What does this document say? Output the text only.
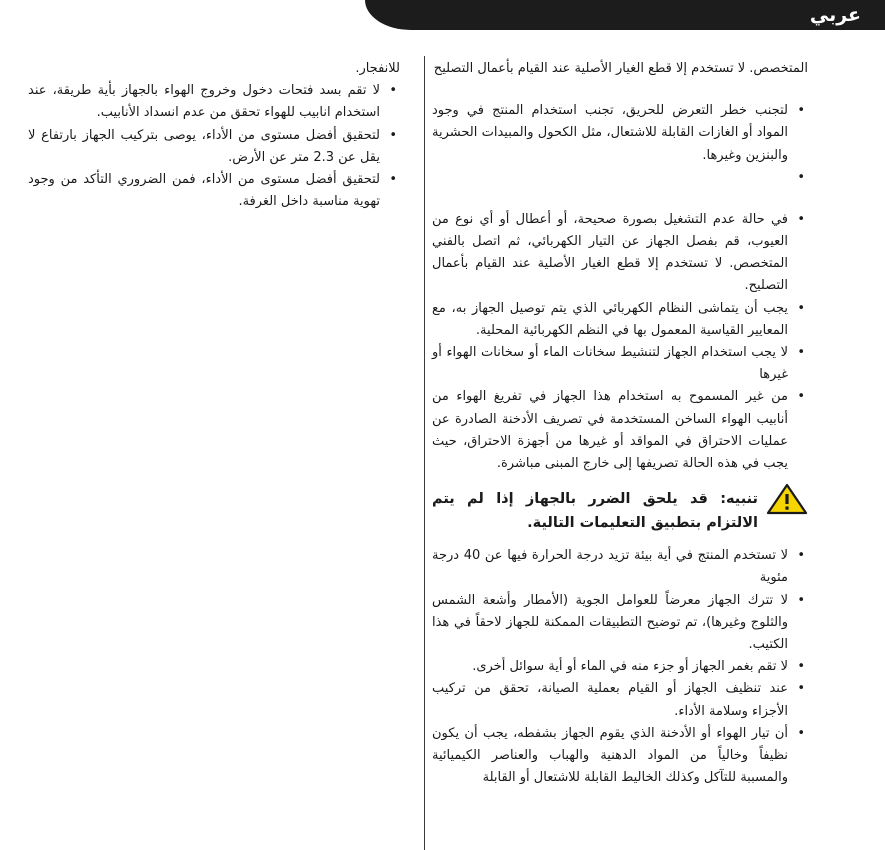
عربي

المتخصص. لا تستخدم إلا قطع الغيار الأصلية عند القيام بأعمال التصليح

• لتجنب خطر التعرض للحريق، تجنب استخدام المنتج في وجود المواد أو الغازات القابلة للاشتعال، مثل الكحول والمبيدات الحشرية والبنزين وغيرها.
•
• في حالة عدم التشغيل بصورة صحيحة، أو أعطال أو أي نوع من العيوب، قم بفصل الجهاز عن التيار الكهربائي، ثم اتصل بالفني المتخصص. لا تستخدم إلا قطع الغيار الأصلية عند القيام بأعمال التصليح.
• يجب أن يتماشى النظام الكهربائي الذي يتم توصيل الجهاز به، مع المعايير القياسية المعمول بها في النظم الكهربائية المحلية.
• لا يجب استخدام الجهاز لتنشيط سخانات الماء أو سخانات الهواء أو غيرها
• من غير المسموح به استخدام هذا الجهاز في تفريغ الهواء من أنابيب الهواء الساخن المستخدمة في تصريف الأدخنة الصادرة عن عمليات الاحتراق في المواقد أو غيرها من أجهزة الاحتراق، حيث يجب في هذه الحالة تصريفها إلى خارج المبنى مباشرة.
تنبيه: قد يلحق الضرر بالجهاز إذا لم يتم الالتزام بتطبيق التعليمات التالية.
• لا تستخدم المنتج في أية بيئة تزيد درجة الحرارة فيها عن 40 درجة مئوية
• لا تترك الجهاز معرضاً للعوامل الجوية (الأمطار وأشعة الشمس والثلوج وغيرها)، تم توضيح التطبيقات الممكنة للجهاز لاحقاً في هذا الكتيب.
• لا تقم بغمر الجهاز أو جزء منه في الماء أو أية سوائل أخرى.
• عند تنظيف الجهاز أو القيام بعملية الصيانة، تحقق من تركيب الأجزاء وسلامة الأداء.
• أن تيار الهواء أو الأدخنة الذي يقوم الجهاز بشفطه، يجب أن يكون نظيفاً وخالياً من المواد الدهنية والهباب والعناصر الكيميائية والمسببة للتآكل وكذلك الخاليط القابلة للاشتعال أو القابلة

للانفجار.

• لا تقم بسد فتحات دخول وخروج الهواء بالجهاز بأية طريقة، عند استخدام انابيب للهواء تحقق من عدم انسداد الأنابيب.
• لتحقيق أفضل مستوى من الأداء، يوصى بتركيب الجهاز بارتفاع لا يقل عن 2.3 متر عن الأرض.
• لتحقيق أفضل مستوى من الأداء، فمن الضروري التأكد من وجود تهوية مناسبة داخل الغرفة.
